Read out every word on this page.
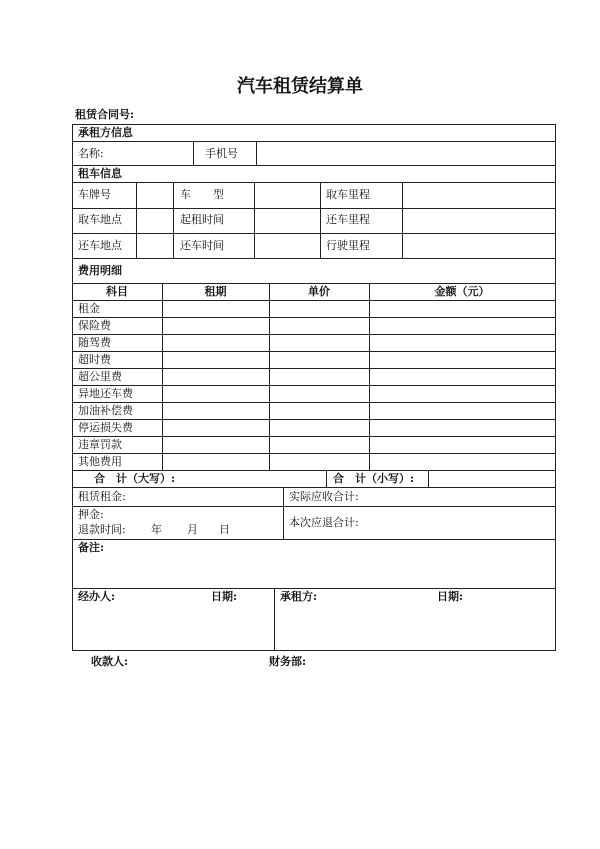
汽车租赁结算单
租赁合同号:
承租方信息
名称:	手机号
租车信息
车牌号	车　　型	取车里程
取车地点	起租时间	还车里程
还车地点	还车时间	行驶里程
费用明细
科目	租期	单价	金额（元）
租金
保险费
随驾费
超时费
超公里费
异地还车费
加油补偿费
停运损失费
违章罚款
其他费用
合　计（大写）:	合　计（小写）:
租赁租金:	实际应收合计:
押金:
退款时间: 年 月 日
本次应退合计:
备注:
经办人:	日期:	承租方:	日期:
收款人:	财务部:
